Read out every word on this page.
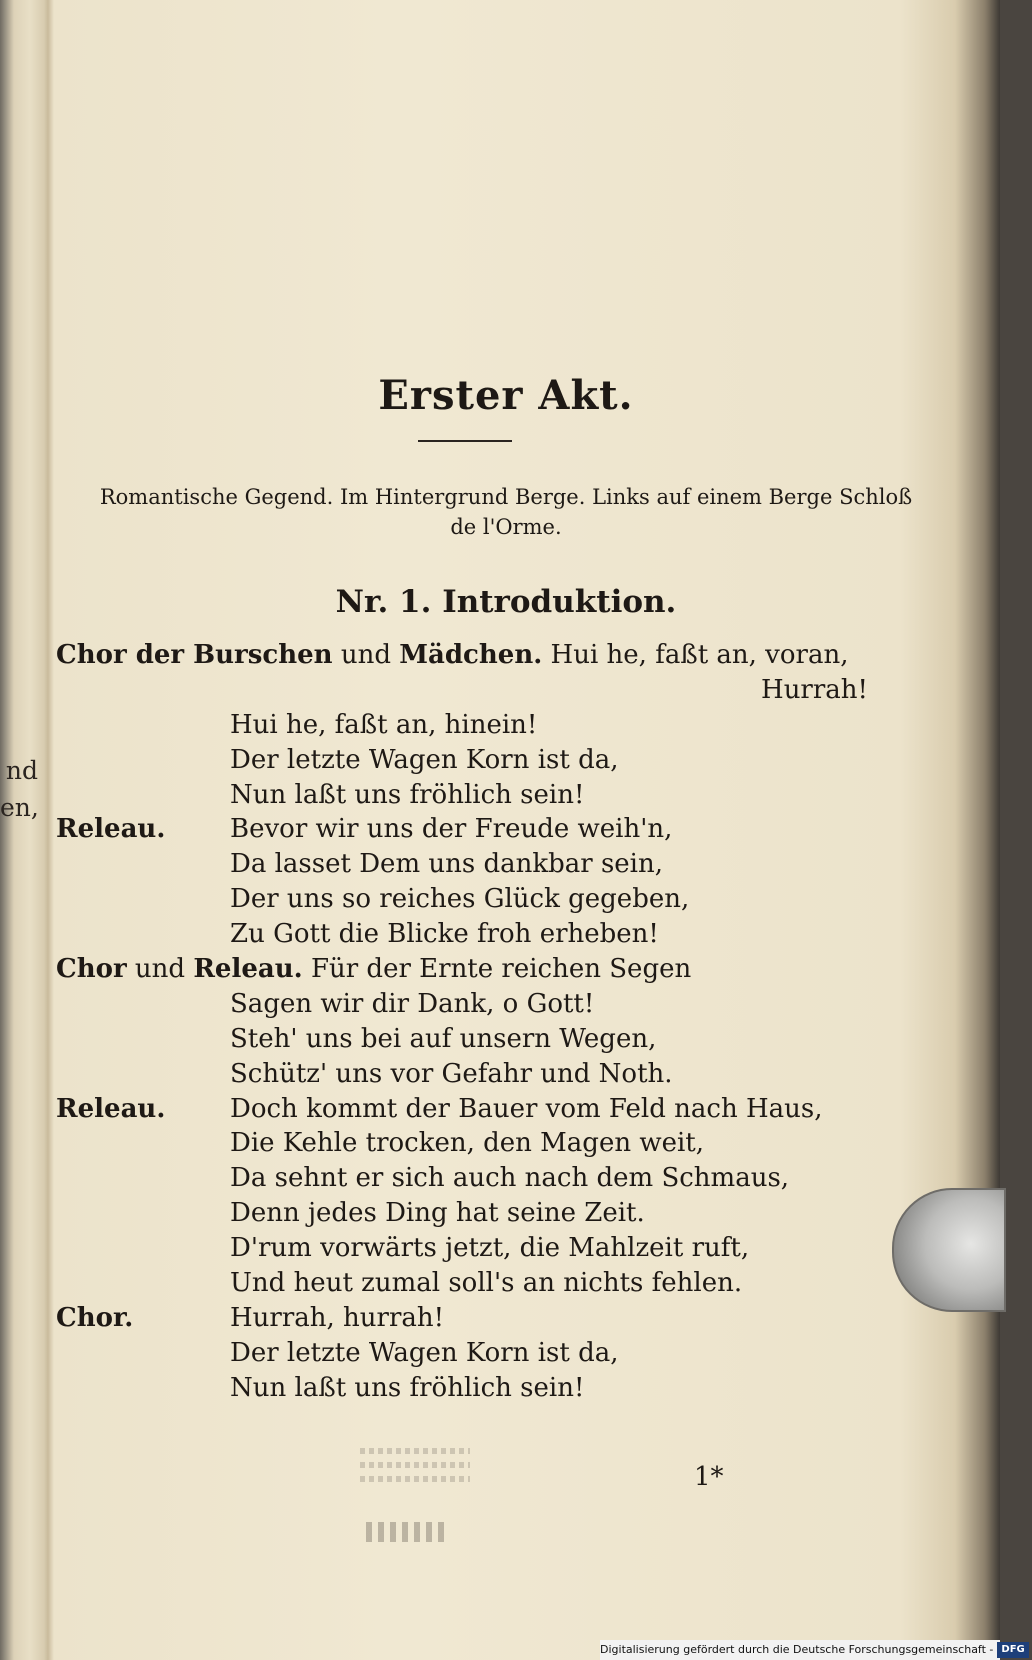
nd
en,
Erster Akt.

Romantische Gegend. Im Hintergrund Berge. Links auf einem Berge Schloß
de l'Orme.

Nr. 1. Introduktion.
Chor der Burschen und Mädchen. Hui he, faßt an, voran,
Hurrah!
Hui he, faßt an, hinein!
Der letzte Wagen Korn ist da,
Nun laßt uns fröhlich sein!
Releau. Bevor wir uns der Freude weih'n,
Da lasset Dem uns dankbar sein,
Der uns so reiches Glück gegeben,
Zu Gott die Blicke froh erheben!
Chor und Releau. Für der Ernte reichen Segen
Sagen wir dir Dank, o Gott!
Steh' uns bei auf unsern Wegen,
Schütz' uns vor Gefahr und Noth.
Releau. Doch kommt der Bauer vom Feld nach Haus,
Die Kehle trocken, den Magen weit,
Da sehnt er sich auch nach dem Schmaus,
Denn jedes Ding hat seine Zeit.
D'rum vorwärts jetzt, die Mahlzeit ruft,
Und heut zumal soll's an nichts fehlen.
Chor.	Hurrah, hurrah!
Der letzte Wagen Korn ist da,
Nun laßt uns fröhlich sein!

1*

Digitalisierung gefördert durch die Deutsche Forschungsgemeinschaft - DFG
